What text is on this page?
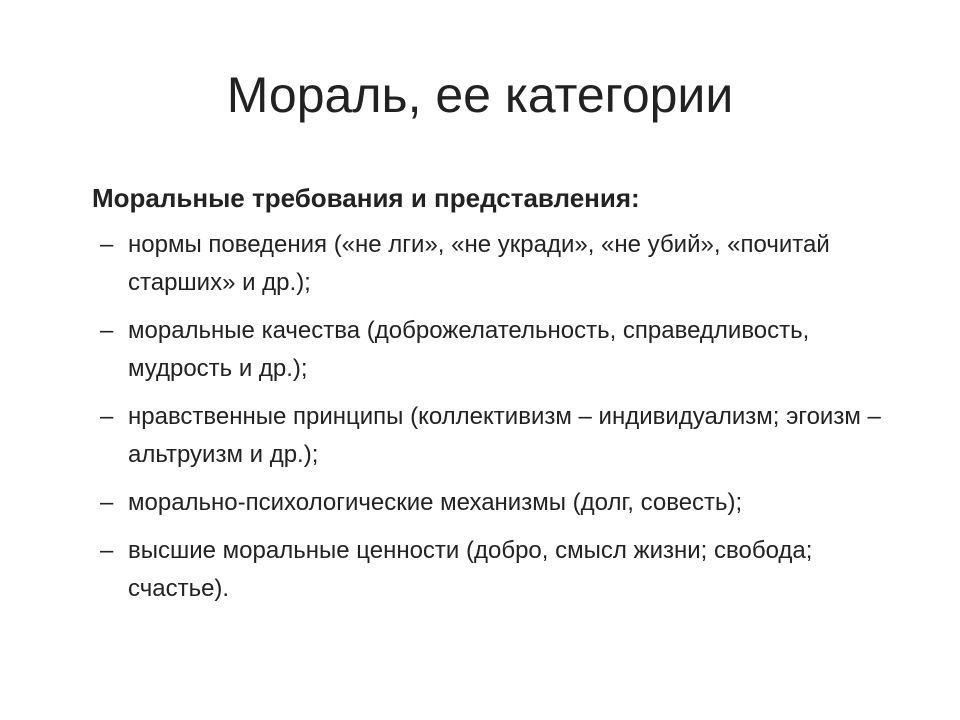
Мораль, ее категории
Моральные требования и представления:
– нормы поведения («не лги», «не укради», «не убий», «почитай старших» и др.);
– моральные качества (доброжелательность, справедливость, мудрость и др.);
– нравственные принципы (коллективизм – индивидуализм; эгоизм – альтруизм и др.);
– морально-психологические механизмы (долг, совесть);
– высшие моральные ценности (добро, смысл жизни; свобода; счастье).
